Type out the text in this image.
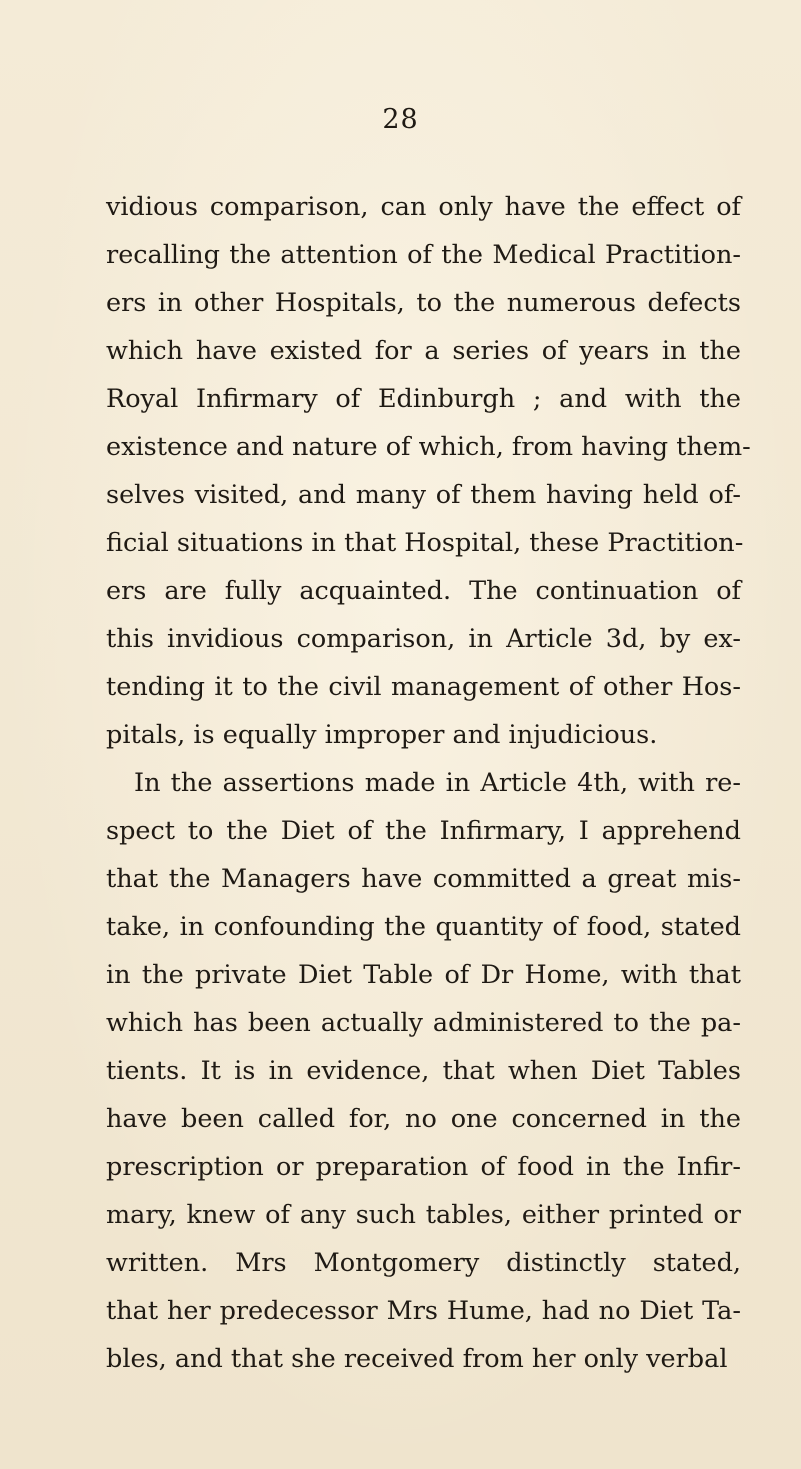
28
vidious comparison, can only have the effect of
recalling the attention of the Medical Practition-
ers in other Hospitals, to the numerous defects
which have existed for a series of years in the
Royal Infirmary of Edinburgh ; and with the
existence and nature of which, from having them-
selves visited, and many of them having held of-
ficial situations in that Hospital, these Practition-
ers are fully acquainted. The continuation of
this invidious comparison, in Article 3d, by ex-
tending it to the civil management of other Hos-
pitals, is equally improper and injudicious.
In the assertions made in Article 4th, with re-
spect to the Diet of the Infirmary, I apprehend
that the Managers have committed a great mis-
take, in confounding the quantity of food, stated
in the private Diet Table of Dr Home, with that
which has been actually administered to the pa-
tients. It is in evidence, that when Diet Tables
have been called for, no one concerned in the
prescription or preparation of food in the Infir-
mary, knew of any such tables, either printed or
written. Mrs Montgomery distinctly stated,
that her predecessor Mrs Hume, had no Diet Ta-
bles, and that she received from her only verbal
